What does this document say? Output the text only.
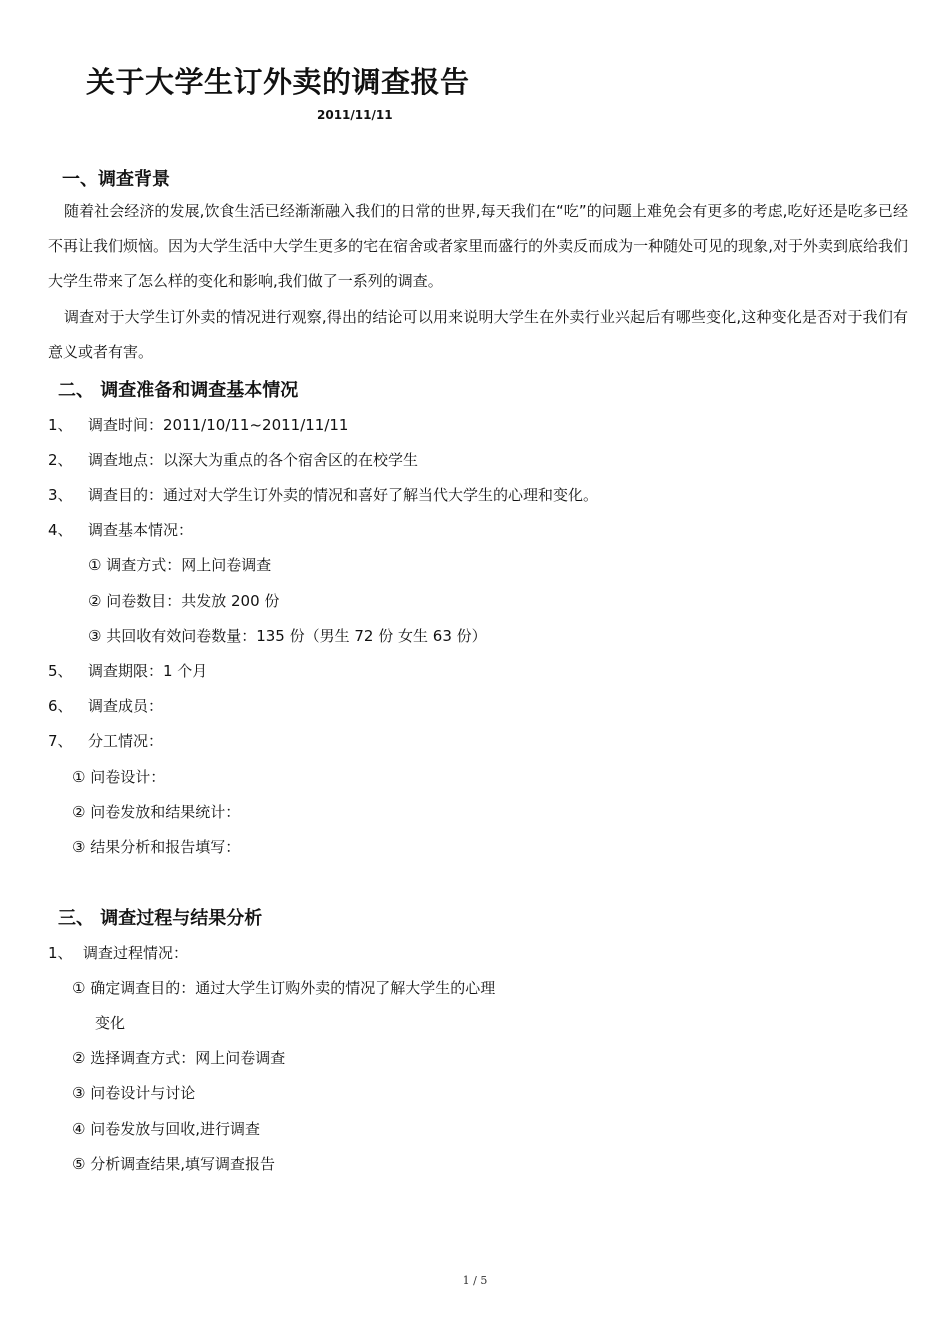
关于大学生订外卖的调查报告
2011/11/11
一、调查背景
随着社会经济的发展,饮食生活已经渐渐融入我们的日常的世界,每天我们在“吃”的问题上难免会有更多的考虑,吃好还是吃多已经不再让我们烦恼。因为大学生活中大学生更多的宅在宿舍或者家里而盛行的外卖反而成为一种随处可见的现象,对于外卖到底给我们大学生带来了怎么样的变化和影响,我们做了一系列的调查。
调查对于大学生订外卖的情况进行观察,得出的结论可以用来说明大学生在外卖行业兴起后有哪些变化,这种变化是否对于我们有意义或者有害。
二、 调查准备和调查基本情况
1、 调查时间：2011/10/11~2011/11/11
2、 调查地点：以深大为重点的各个宿舍区的在校学生
3、 调查目的：通过对大学生订外卖的情况和喜好了解当代大学生的心理和变化。
4、 调查基本情况：
① 调查方式：网上问卷调查
② 问卷数目：共发放 200 份
③ 共回收有效问卷数量：135 份（男生 72 份 女生 63 份）
5、 调查期限：1 个月
6、 调查成员：
7、 分工情况：
① 问卷设计：
② 问卷发放和结果统计：
③ 结果分析和报告填写：
三、 调查过程与结果分析
1、 调查过程情况：
① 确定调查目的：通过大学生订购外卖的情况了解大学生的心理
变化
② 选择调查方式：网上问卷调查
③ 问卷设计与讨论
④ 问卷发放与回收,进行调查
⑤ 分析调查结果,填写调查报告
1 / 5
